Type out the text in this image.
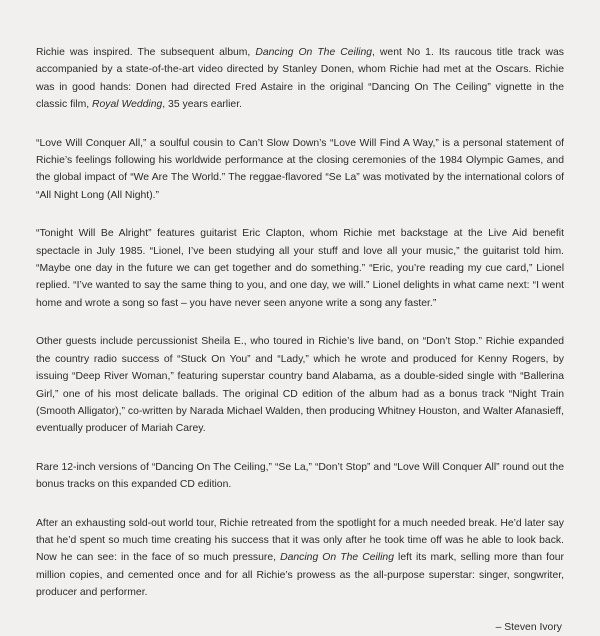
Richie was inspired. The subsequent album, Dancing On The Ceiling, went No 1. Its raucous title track was accompanied by a state-of-the-art video directed by Stanley Donen, whom Richie had met at the Oscars. Richie was in good hands: Donen had directed Fred Astaire in the original “Dancing On The Ceiling” vignette in the classic film, Royal Wedding, 35 years earlier.

“Love Will Conquer All,” a soulful cousin to Can’t Slow Down’s “Love Will Find A Way,” is a personal statement of Richie’s feelings following his worldwide performance at the closing ceremonies of the 1984 Olympic Games, and the global impact of “We Are The World.” The reggae-flavored “Se La” was motivated by the international colors of “All Night Long (All Night).”

“Tonight Will Be Alright” features guitarist Eric Clapton, whom Richie met backstage at the Live Aid benefit spectacle in July 1985. “Lionel, I’ve been studying all your stuff and love all your music,” the guitarist told him. “Maybe one day in the future we can get together and do something.” “Eric, you’re reading my cue card,” Lionel replied. “I’ve wanted to say the same thing to you, and one day, we will.” Lionel delights in what came next: “I went home and wrote a song so fast – you have never seen anyone write a song any faster.”

Other guests include percussionist Sheila E., who toured in Richie’s live band, on “Don’t Stop.” Richie expanded the country radio success of “Stuck On You” and “Lady,” which he wrote and produced for Kenny Rogers, by issuing “Deep River Woman,” featuring superstar country band Alabama, as a double-sided single with “Ballerina Girl,” one of his most delicate ballads. The original CD edition of the album had as a bonus track “Night Train (Smooth Alligator),” co-written by Narada Michael Walden, then producing Whitney Houston, and Walter Afanasieff, eventually producer of Mariah Carey.

Rare 12-inch versions of “Dancing On The Ceiling,” “Se La,” “Don’t Stop” and “Love Will Conquer All” round out the bonus tracks on this expanded CD edition.

After an exhausting sold-out world tour, Richie retreated from the spotlight for a much needed break. He’d later say that he’d spent so much time creating his success that it was only after he took time off was he able to look back. Now he can see: in the face of so much pressure, Dancing On The Ceiling left its mark, selling more than four million copies, and cemented once and for all Richie’s prowess as the all-purpose superstar: singer, songwriter, producer and performer.

– Steven Ivory
